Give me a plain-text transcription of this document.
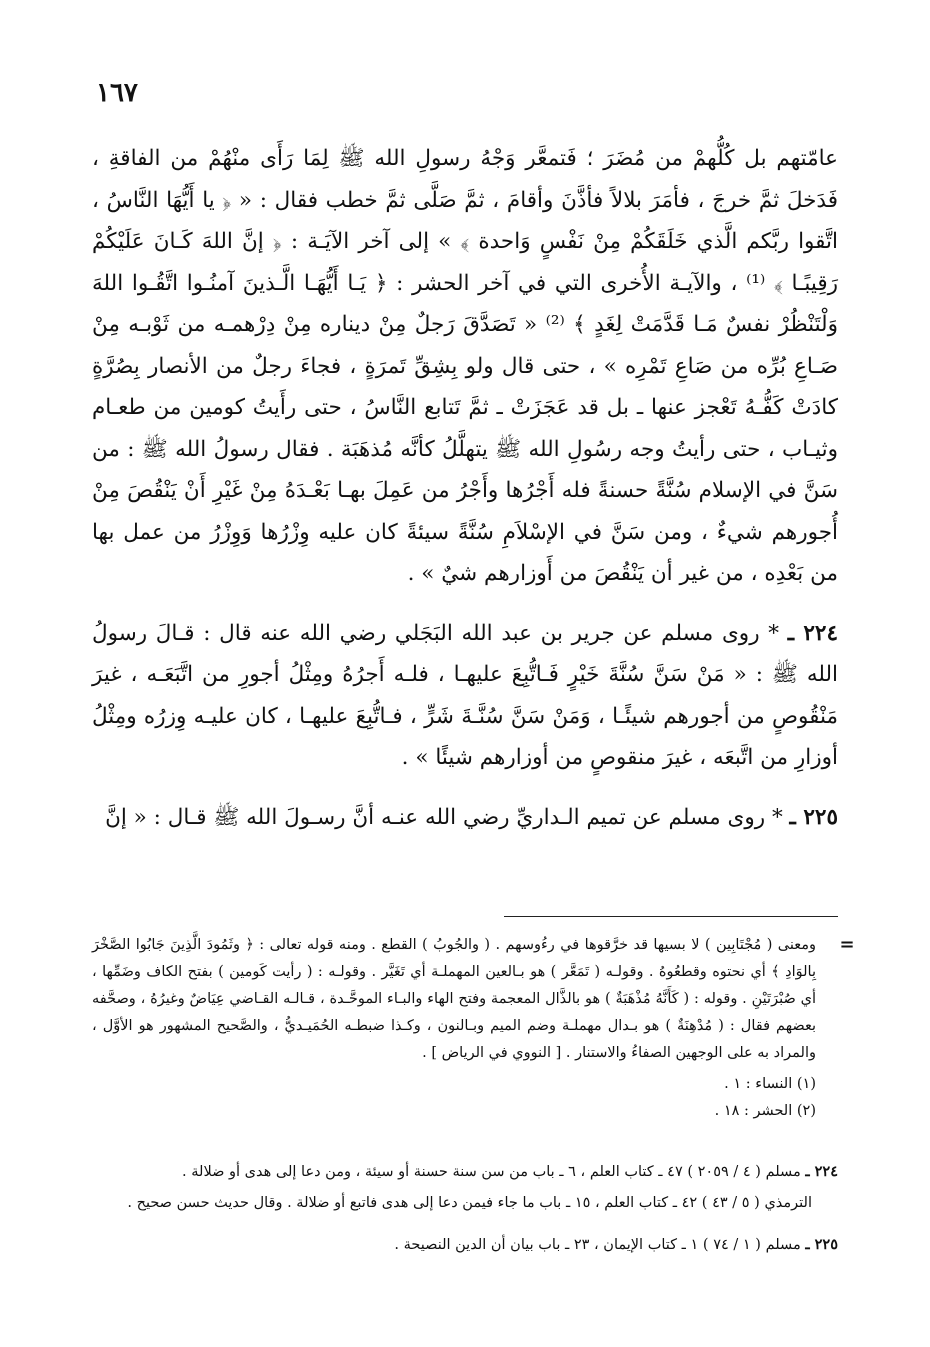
١٦٧

عامّتهم بل كُلُّهمْ من مُضَرَ ؛ فَتمعَّر وَجْهُ رسولِ الله ﷺ لِمَا رَأَى منْهُمْ من الفاقةِ ، فَدَخلَ ثمَّ خرجَ ، فأمَرَ بلالاً فأذَّنَ وأقامَ ، ثمَّ صَلَّى ثمَّ خطب فقال : « ﴿ يا أَيُّهَا النَّاسُ ، اتَّقوا ربَّكم الَّذي خَلَقَكُمْ مِنْ نَفْسٍ وَاحدة ﴾ » إلى آخر الآيَـة : ﴿ إنَّ اللهَ كَـانَ عَلَيْكُمْ رَقِيبًـا ﴾ ⁽¹⁾ ، والآيـة الأُخرى التي في آخر الحشر : ﴿ يَـا أَيُّهَـا الَّـذينَ آمنُـوا اتَّقُـوا اللهَ وَلْتَنْظُرْ نفسٌ مَـا قَدَّمَتْ لِغَدٍ ﴾ ⁽²⁾ « تَصَدَّقَ رَجلٌ مِنْ ديناره مِنْ دِرْهمـه من ثَوْبـه مِنْ صَـاعِ بُرِّه من صَاعِ تَمْرِه » ، حتى قال ولو بِشِقِّ تَمرَةٍ ، فجاءَ رجلٌ من الأنصار بِصُرَّةٍ كادَتْ كَفُّـهُ تَعْجز عنها ـ بل قد عَجَزَتْ ـ ثمَّ تَتابع النَّاسُ ، حتى رأَيتُ كومين من طعـام وثيـاب ، حتى رأيتُ وجه رسُولِ الله ﷺ يتهلَّلُ كأنَّه مُذهَبَة . فقال رسولُ الله ﷺ : من سَنَّ في الإسلام سُنَّةً حسنةً فله أَجْرُها وأَجْرُ من عَمِلَ بهـا بَعْـدَهُ مِنْ غَيْرِ أَنْ يَنْقُصَ مِنْ أُجورهم شيءٌ ، ومن سَنَّ في الإسْلاَمِ سُنَّةً سيئةً كان عليه وِزْرُها وَوِزْرُ من عمل بها من بَعْدِه ، من غير أن يَنْقُصَ من أَوزارهم شيٌ » .

٢٢٤ ـ * روى مسلم عن جرير بن عبد الله البَجَلي رضي الله عنه قال : قـالَ رسولُ الله ﷺ : « مَنْ سَنَّ سُنَّةَ خَيْرٍ فَـاتُّبِعَ عليهـا ، فلـه أَجرُهُ ومِثْلُ أجورِ من اتَّبَعَـه ، غيرَ مَنْقُوصٍ من أجورهم شيئًـا ، وَمَنْ سَنَّ سُنَّـةَ شَرٍّ ، فـاتُّبِعَ عليهـا ، كان عليـه وِزرُه ومِثْلُ أوزارِ من اتَّبعَه ، غيرَ منقوصٍ من أوزارهم شيئًا » .

٢٢٥ ـ * روى مسلم عن تميم الـداريِّ رضي الله عنـه أنَّ رسـولَ الله ﷺ قـال : « إنَّ

=

ومعنى ( مُجْتَابِين ) لا بسيها قد خرَّقوها في رءُوسهم . ( والجُوبُ ) القطع . ومنه قوله تعالى : ﴿ وثَمُودَ الَّذِينَ جَابُوا الصَّخْرَ بِالوَادِ ﴾ أي نحتوه وقطعُوهُ . وقولـه ( تَمَعَّر ) هو بـالعين المهملـة أي تَغَيَّر . وقولـه : ( رأيت كَومين ) بفتح الكاف وضَمِّها ، أي صُبْرَتَيْنِ . وقوله : ( كَأَنَّهُ مُذْهَبَةٌ ) هو بالذَّال المعجمة وفتح الهاء والبـاء الموحَّـدة ، قـالـه القـاضي عِيَاضٌ وغيرُهُ ، وصحَّفه بعضهم فقال : ( مُدْهِنَةٌ ) هو بـدال مهملـة وضم الميم وبـالنون ، وكـذا ضبطـه الحُمَيـديُّ ، والصَّحيح المشهور هو الأوَّل ، والمراد به على الوجهين الصفاءُ والاستنار . [ النووي في الرياض ] .

(١) النساء : ١ .

(٢) الحشر : ١٨ .

٢٢٤ ـ مسلم ( ٤ / ٢٠٥٩ ) ٤٧ ـ كتاب العلم ، ٦ ـ باب من سن سنة حسنة أو سيئة ، ومن دعا إلى هدى أو ضلالة .

الترمذي ( ٥ / ٤٣ ) ٤٢ ـ كتاب العلم ، ١٥ ـ باب ما جاء فيمن دعا إلى هدى فاتبع أو ضلالة . وقال حديث حسن صحيح .

٢٢٥ ـ مسلم ( ١ / ٧٤ ) ١ ـ كتاب الإيمان ، ٢٣ ـ باب بيان أن الدين النصيحة .
